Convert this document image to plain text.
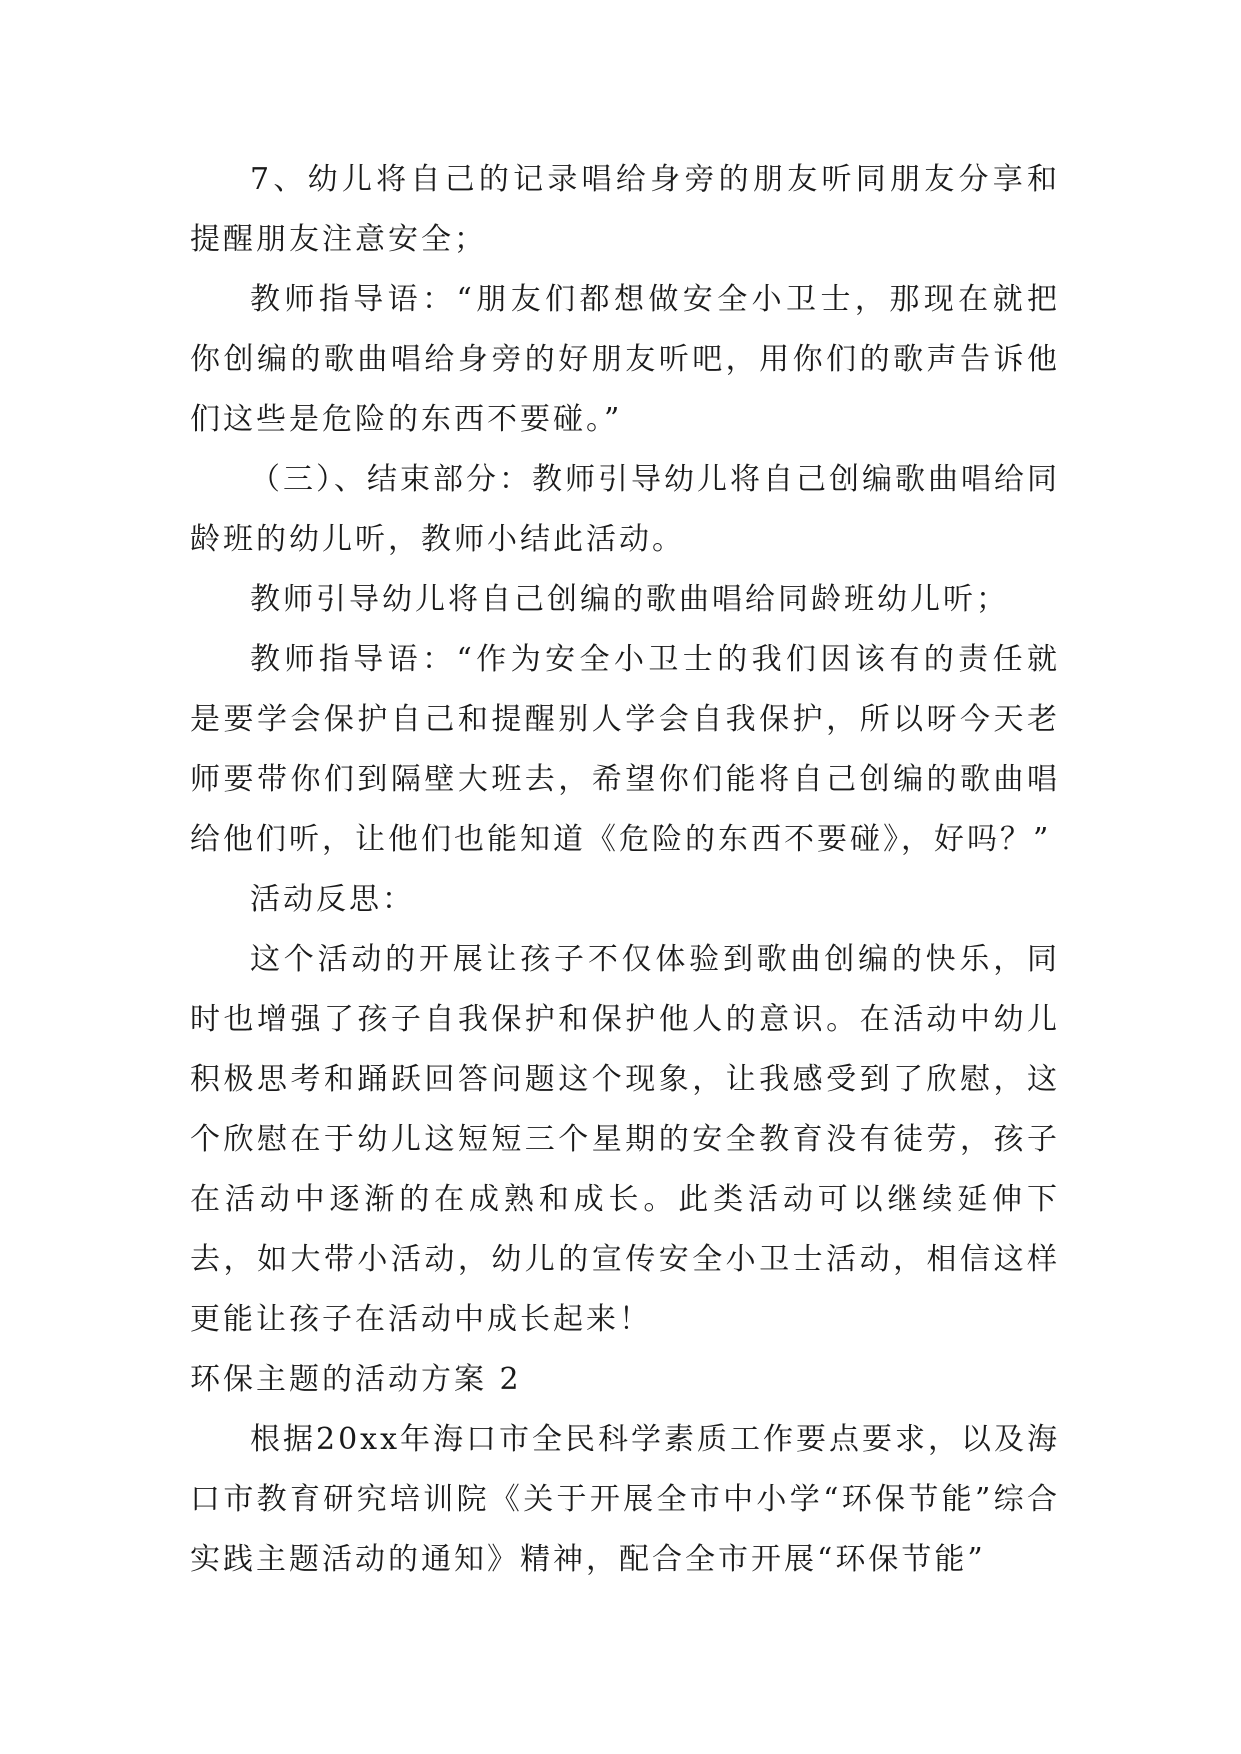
7、幼儿将自己的记录唱给身旁的朋友听同朋友分享和提醒朋友注意安全；

教师指导语：“朋友们都想做安全小卫士，那现在就把你创编的歌曲唱给身旁的好朋友听吧，用你们的歌声告诉他们这些是危险的东西不要碰。”

（三）、结束部分：教师引导幼儿将自己创编歌曲唱给同龄班的幼儿听，教师小结此活动。

教师引导幼儿将自己创编的歌曲唱给同龄班幼儿听；

教师指导语：“作为安全小卫士的我们因该有的责任就是要学会保护自己和提醒别人学会自我保护，所以呀今天老师要带你们到隔壁大班去，希望你们能将自己创编的歌曲唱给他们听，让他们也能知道《危险的东西不要碰》，好吗？”

活动反思：

这个活动的开展让孩子不仅体验到歌曲创编的快乐，同时也增强了孩子自我保护和保护他人的意识。在活动中幼儿积极思考和踊跃回答问题这个现象，让我感受到了欣慰，这个欣慰在于幼儿这短短三个星期的安全教育没有徒劳，孩子在活动中逐渐的在成熟和成长。此类活动可以继续延伸下去，如大带小活动，幼儿的宣传安全小卫士活动，相信这样更能让孩子在活动中成长起来！

环保主题的活动方案 2

根据20xx年海口市全民科学素质工作要点要求，以及海口市教育研究培训院《关于开展全市中小学“环保节能”综合实践主题活动的通知》精神，配合全市开展“环保节能”
